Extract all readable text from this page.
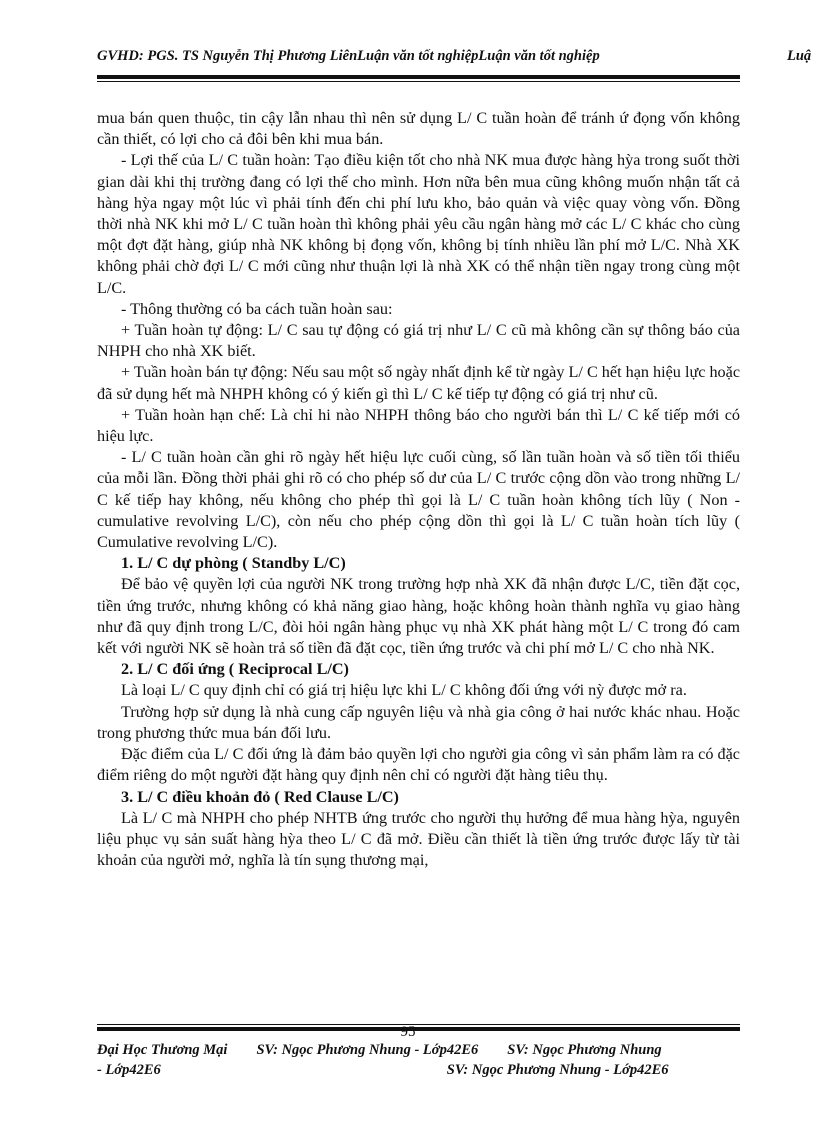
GVHD: PGS. TS Nguyễn Thị Phương LiênLuận văn tốt nghiệpLuận văn tốt nghiệp	Luậ

mua bán quen thuộc, tin cậy lẫn nhau thì nên sử dụng L/ C tuần hoàn để tránh ứ đọng vốn không cần thiết, có lợi cho cả đôi bên khi mua bán.

- Lợi thế của L/ C tuần hoàn: Tạo điều kiện tốt cho nhà NK mua được hàng hỳa trong suốt thời gian dài khi thị trường đang có lợi thế cho mình. Hơn nữa bên mua cũng không muốn nhận tất cả hàng hỳa ngay một lúc vì phải tính đến chi phí lưu kho, bảo quản và việc quay vòng vốn. Đồng thời nhà NK khi mở L/ C tuần hoàn thì không phải yêu cầu ngân hàng mở các L/ C khác cho cùng một đợt đặt hàng, giúp nhà NK không bị đọng vốn, không bị tính nhiều lần phí mở L/C. Nhà XK không phải chờ đợi L/ C mới cũng như thuận lợi là nhà XK có thể nhận tiền ngay trong cùng một L/C.

- Thông thường có ba cách tuần hoàn sau:

+ Tuần hoàn tự động: L/ C sau tự động có giá trị như L/ C cũ mà không cần sự thông báo của NHPH cho nhà XK biết.

+ Tuần hoàn bán tự động: Nếu sau một số ngày nhất định kể từ ngày L/ C hết hạn hiệu lực hoặc đã sử dụng hết mà NHPH không có ý kiến gì thì L/ C kế tiếp tự động có giá trị như cũ.

+ Tuần hoàn hạn chế: Là chỉ hi nào NHPH thông báo cho người bán thì L/ C kế tiếp mới có hiệu lực.

- L/ C tuần hoàn cần ghi rõ ngày hết hiệu lực cuối cùng, số lần tuần hoàn và số tiền tối thiểu của mỗi lần. Đồng thời phải ghi rõ có cho phép số dư của L/ C trước cộng dồn vào trong những L/ C kế tiếp hay không, nếu không cho phép thì gọi là L/ C tuần hoàn không tích lũy ( Non - cumulative revolving L/C), còn nếu cho phép cộng dồn thì gọi là L/ C tuần hoàn tích lũy ( Cumulative revolving L/C).

1. L/ C dự phòng ( Standby L/C)

Để bảo vệ quyền lợi của người NK trong trường hợp nhà XK đã nhận được L/C, tiền đặt cọc, tiền ứng trước, nhưng không có khả năng giao hàng, hoặc không hoàn thành nghĩa vụ giao hàng như đã quy định trong L/C, đòi hỏi ngân hàng phục vụ nhà XK phát hàng một L/ C trong đó cam kết với người NK sẽ hoàn trả số tiền đã đặt cọc, tiền ứng trước và chi phí mở L/ C cho nhà NK.

2. L/ C đối ứng ( Reciprocal L/C)

Là loại L/ C quy định chỉ có giá trị hiệu lực khi L/ C không đối ứng với nỳ được mở ra.

Trường hợp sử dụng là nhà cung cấp nguyên liệu và nhà gia công ở hai nước khác nhau. Hoặc trong phương thức mua bán đối lưu.

Đặc điểm của L/ C đối ứng là đảm bảo quyền lợi cho người gia công vì sản phẩm làm ra có đặc điểm riêng do một người đặt hàng quy định nên chỉ có người đặt hàng tiêu thụ.

3. L/ C điều khoản đỏ ( Red Clause L/C)

Là L/ C mà NHPH cho phép NHTB ứng trước cho người thụ hưởng để mua hàng hỳa, nguyên liệu phục vụ sản suất hàng hỳa theo L/ C đã mở. Điều cần thiết là tiền ứng trước được lấy từ tài khoản của người mở, nghĩa là tín sụng thương mại,

95
Đại Học Thương Mại SV: Ngọc Phương Nhung - Lớp42E6 SV: Ngọc Phương Nhung
- Lớp42E6	SV: Ngọc Phương Nhung - Lớp42E6
